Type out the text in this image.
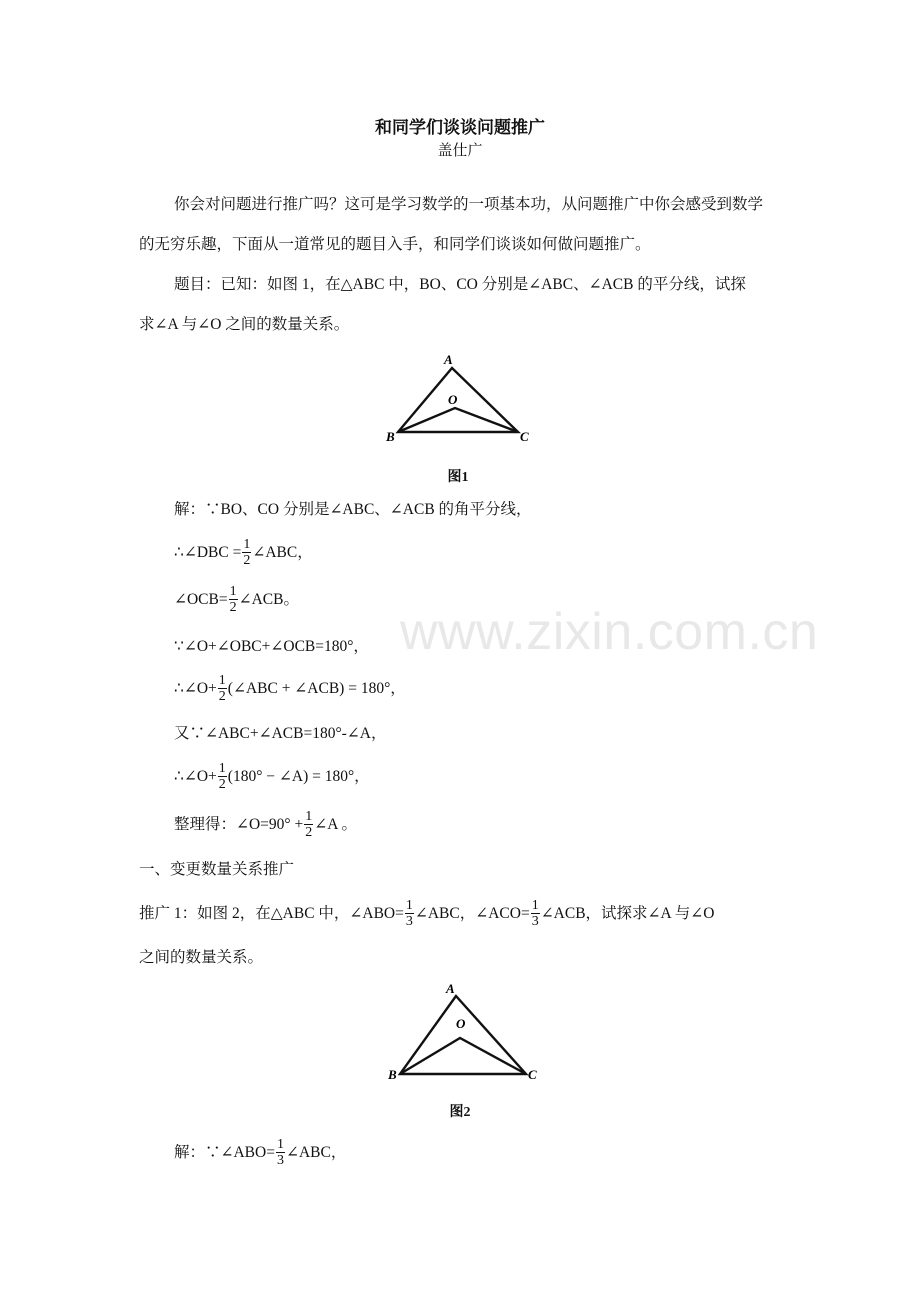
和同学们谈谈问题推广
盖仕广
你会对问题进行推广吗？这可是学习数学的一项基本功，从问题推广中你会感受到数学
的无穷乐趣，下面从一道常见的题目入手，和同学们谈谈如何做问题推广。
题目：已知：如图 1，在△ABC 中，BO、CO 分别是∠ABC、∠ACB 的平分线，试探
求∠A 与∠O 之间的数量关系。
A
B	C
O
图1
解：∵BO、CO 分别是∠ABC、∠ACB 的角平分线，
∴∠DBC = $\frac{1}{2}$ ∠ABC，
∠OCB= $\frac{1}{2}$ ∠ACB。
∵∠O+∠OBC+∠OCB=180°，
∴∠O+ $\frac{1}{2}$ (∠ABC + ∠ACB) = 180°，
又∵∠ABC+∠ACB=180°-∠A，
∴∠O+ $\frac{1}{2} (180^\circ$ − ∠A) = 180°，
整理得：∠O=90° + $\frac{1}{2}$ ∠A 。
一、变更数量关系推广
推广 1：如图 2，在△ABC 中，∠ABO= $\frac{1}{3}$ ∠ABC，∠ACO= $\frac{1}{3}$ ∠ACB，试探求∠A 与∠O
之间的数量关系。
A
B	C
O
图2
解：∵∠ABO= $\frac{1}{3}$ ∠ABC，
www.zixin.com.cn
